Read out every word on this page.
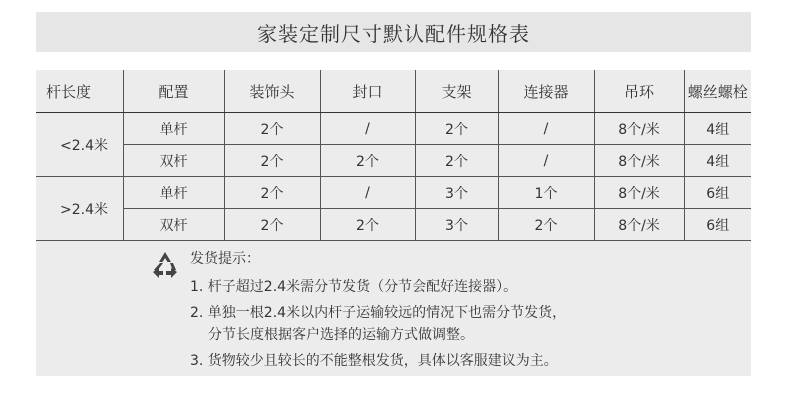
家装定制尺寸默认配件规格表
杆长度	配置	装饰头	封口	支架	连接器	吊环	螺丝螺栓
<2.4米	单杆	2个	/	2个	/	8个/米	4组
	双杆	2个	2个	2个	/	8个/米	4组
>2.4米	单杆	2个	/	3个	1个	8个/米	6组
	双杆	2个	2个	3个	2个	8个/米	6组
发货提示：
1. 杆子超过2.4米需分节发货（分节会配好连接器）。
2. 单独一根2.4米以内杆子运输较远的情况下也需分节发货，
分节长度根据客户选择的运输方式做调整。
3. 货物较少且较长的不能整根发货，具体以客服建议为主。
